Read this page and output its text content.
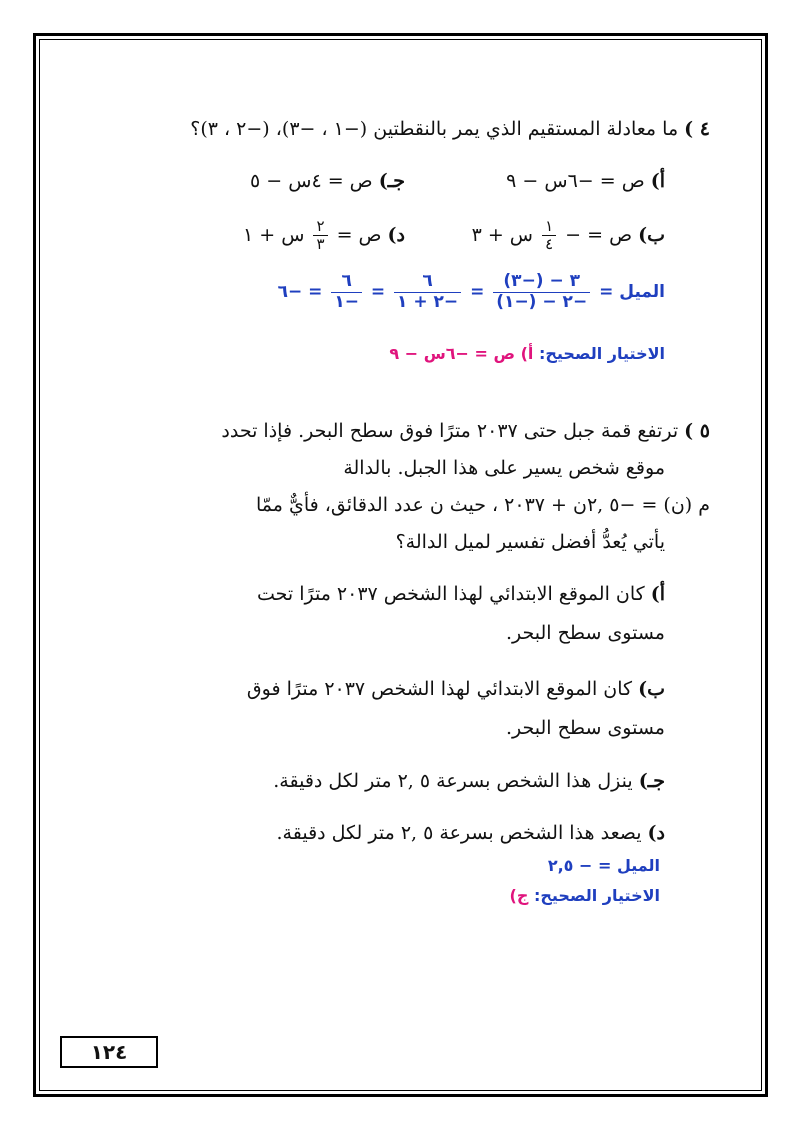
٤ ) ما معادلة المستقيم الذي يمر بالنقطتين (−١ ، −٣)، (−٢ ، ٣)؟
أ) ص = −٦س − ٩
جـ) ص = ٤س − ٥
ب) ص = −
$\frac{١}{٤}$
س + ٣
د) ص =
$\frac{٢}{٣}$
س + ١
الميل =
$\frac{٣ - (-٣)}{-٢ - (-١)}$
=
$\frac{٦}{-٢ + ١}$
=
$\frac{٦}{-١}$
= −٦
الاختيار الصحيح: أ) ص = −٦س − ٩
٥ ) ترتفع قمة جبل حتى ٢٠٣٧ مترًا فوق سطح البحر. فإذا تحدد
موقع شخص يسير على هذا الجبل. بالدالة
م (ن) = −٥ ,٢ن + ٢٠٣٧ ، حيث ن عدد الدقائق، فأيٌّ ممّا
يأتي يُعدُّ أفضل تفسير لميل الدالة؟
أ) كان الموقع الابتدائي لهذا الشخص ٢٠٣٧ مترًا تحت
مستوى سطح البحر.
ب) كان الموقع الابتدائي لهذا الشخص ٢٠٣٧ مترًا فوق
مستوى سطح البحر.
جـ) ينزل هذا الشخص بسرعة ٥ ,٢ متر لكل دقيقة.
د) يصعد هذا الشخص بسرعة ٥ ,٢ متر لكل دقيقة.
الميل = − ٢,٥
الاختيار الصحيح: ج)
١٢٤
